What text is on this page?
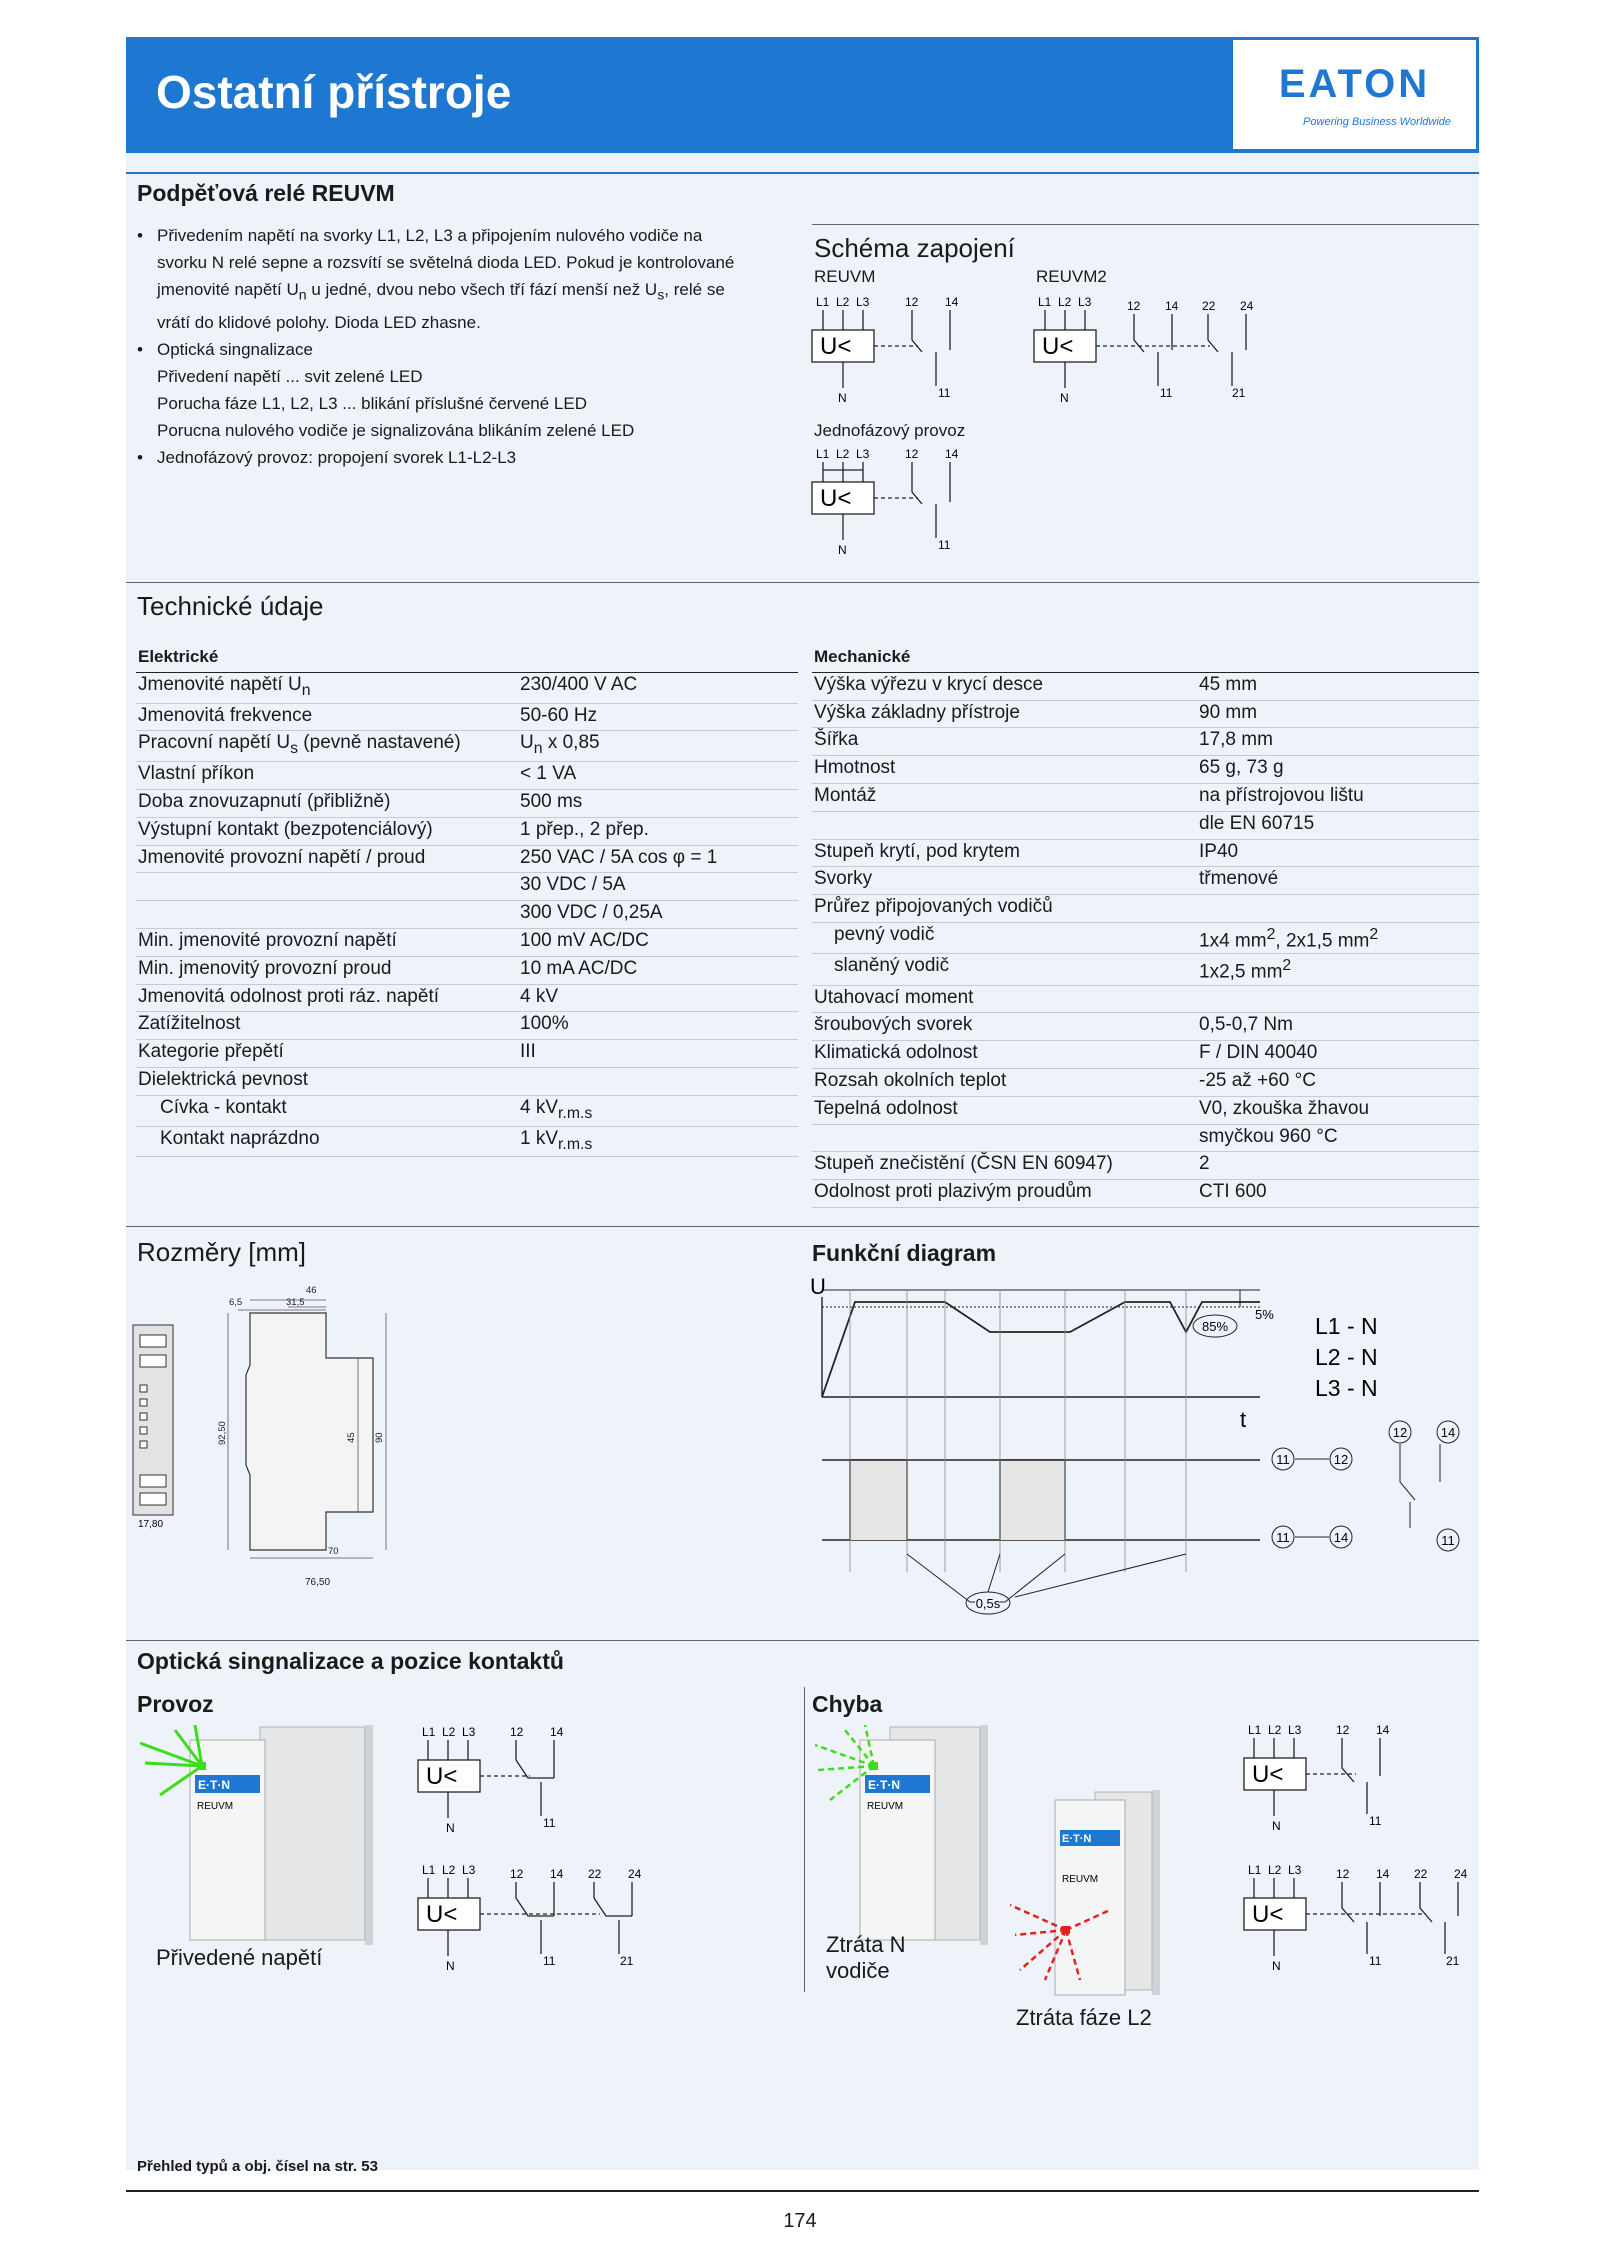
Ostatní přístroje	EATON
Powering Business Worldwide
Podpěťová relé REUVM
• Přivedením napětí na svorky L1, L2, L3 a připojením nulového vodiče na
svorku N relé sepne a rozsvítí se světelná dioda LED. Pokud je kontrolované
jmenovité napětí $U_n$ u jedné, dvou nebo všech tří fází menší než $U_s$, relé se
vrátí do klidové polohy. Dioda LED zhasne.
• Optická singnalizace
Přivedení napětí ... svit zelené LED
Porucha fáze L1, L2, L3 ... blikání příslušné červené LED
Porucna nulového vodiče je signalizována blikáním zelené LED
• Jednofázový provoz: propojení svorek L1-L2-L3
Schéma zapojení
REUVM	REUVM2
Jednofázový provoz
L1 L2 L3	12 14
N	11
U<
L1 L2 L3	12 14 22 24
N	11	21
U<
L1 L2 L3	12 14
N	11
U<
Technické údaje
Elektrické	
Jmenovité napětí $U_n$	230/400 V AC
Jmenovitá frekvence	50-60 Hz
Pracovní napětí $U_s$ (pevně nastavené)	$U_n$ x 0,85
Vlastní příkon	< 1 VA
Doba znovuzapnutí (přibližně)	500 ms
Výstupní kontakt (bezpotenciálový)	1 přep., 2 přep.
Jmenovité provozní napětí / proud	250 VAC / 5A cos φ = 1
	30 VDC / 5A
	300 VDC / 0,25A
Min. jmenovité provozní napětí	100 mV AC/DC
Min. jmenovitý provozní proud	10 mA AC/DC
Jmenovitá odolnost proti ráz. napětí	4 kV
Zatížitelnost	100%
Kategorie přepětí	III
Dielektrická pevnost	
Cívka - kontakt	4 $kV_{r.m.s}$
Kontakt naprázdno	1 $kV_{r.m.s}$
Mechanické	
Výška výřezu v krycí desce	45 mm
Výška základny přístroje	90 mm
Šířka	17,8 mm
Hmotnost	65 g, 73 g
Montáž	na přístrojovou lištu
	dle EN 60715
Stupeň krytí, pod krytem	IP40
Svorky	třmenové
Průřez připojovaných vodičů	
pevný vodič	1x4 $mm^2$, 2x1,5 $mm^2$
slaněný vodič	1x2,5 $mm^2$
Utahovací moment	
šroubových svorek	0,5-0,7 Nm
Klimatická odolnost	F / DIN 40040
Rozsah okolních teplot	-25 až +60 °C
Tepelná odolnost	V0, zkouška žhavou
	smyčkou 960 °C
Stupeň znečistění (ČSN EN 60947)	2
Odolnost proti plazivým proudům	CTI 600
Rozměry [mm]
17,80
46
6,5	31,5
92,50	45 90
70
76,50
Funkční diagram
85%
0,5s
11	12
12	14
11	14	11
U
t
5% L1 - N
L2 - N
L3 - N
Optická singnalizace a pozice kontaktů
Provoz	Chyba
E·T·N
REUVM
Přivedené napětí
E·T·N
REUVM
Ztráta N
vodiče
E·T·N
REUVM
Ztráta fáze L2
L1 L2 L3	12 14
N	11
U<
L1 L2 L3	12 14 22 24
N	11	21
U<
L1 L2 L3	12 14
N	11
U<
L1 L2 L3	12 14 22 24
N	11	21
U<
Přehled typů a obj. čísel na str. 53
174
